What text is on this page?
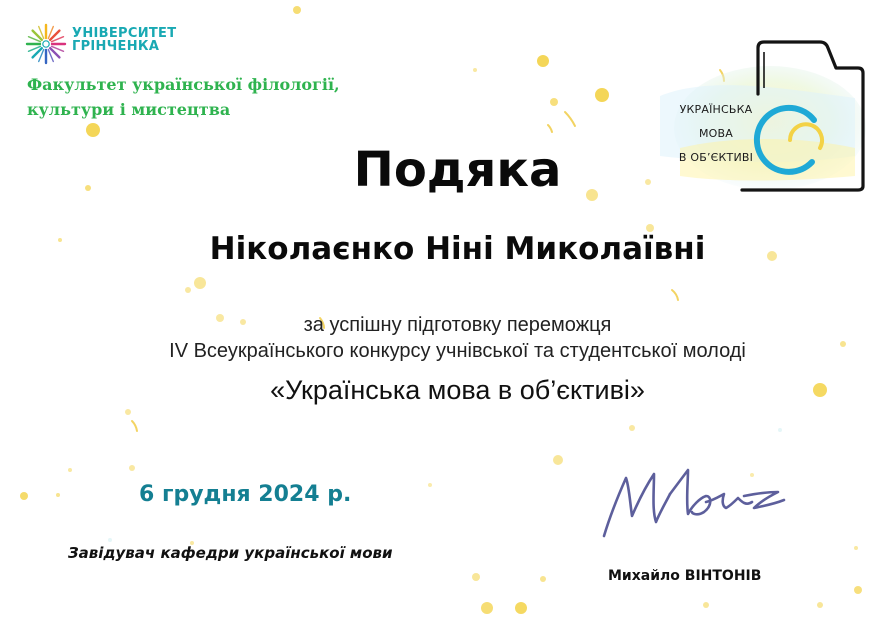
УНІВЕРСИТЕТ
ГРІНЧЕНКА
Факультет української філології,
культури і мистецтва	УКРАЇНСЬКА
МОВА
В ОБ’ЄКТИВІ
Подяка
Ніколаєнко Ніні Миколаївні
за успішну підготовку переможця
IV Всеукраїнського конкурсу учнівської та студентської молоді
«Українська мова в об’єктиві»
6 грудня 2024 р.
Завідувач кафедри української мови
Михайло ВІНТОНІВ
